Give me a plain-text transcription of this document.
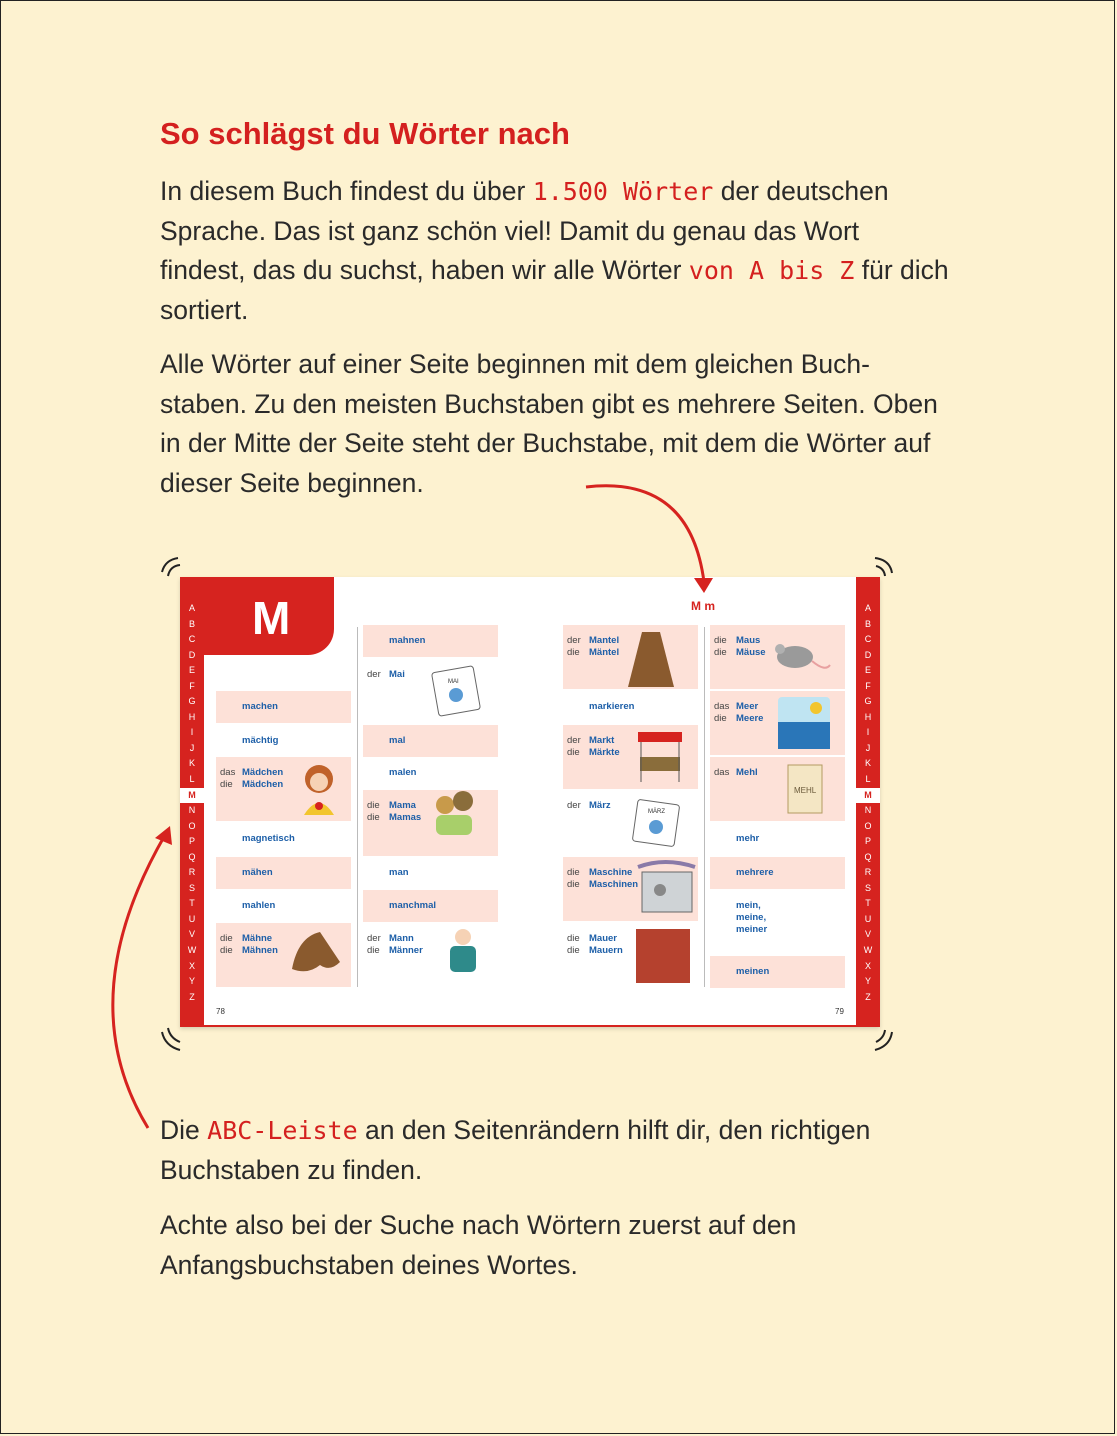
So schlägst du Wörter nach

In diesem Buch findest du über 1.500 Wörter der deutschen Sprache. Das ist ganz schön viel! Damit du genau das Wort findest, das du suchst, haben wir alle Wörter von A bis Z für dich sortiert.

Alle Wörter auf einer Seite beginnen mit dem gleichen Buch-staben. Zu den meisten Buchstaben gibt es mehrere Seiten. Oben in der Mitte der Seite steht der Buchstabe, mit dem die Wörter auf dieser Seite beginnen.

M
A
B
C
D
E
F
G
H
I
J
K
L
M
N
O
P
Q
R
S
T
U
V
W
X
Y
Z
A
B
C
D
E
F
G
H
I
J
K
L
M
N
O
P
Q
R
S
T
U
V
W
X
Y
Z
M m
78	79
machen
mächtig
das
die
Mädchen
Mädchen
magnetisch
mähen
mahlen
die
die
Mähne
Mähnen
mahnen
der Mai
mal
malen
die
die
Mama
Mamas
man
manchmal
der
die
Mann
Männer
der
die
Mantel
Mäntel
markieren
der
die
Markt
Märkte
der März
die
die
Maschine
Maschinen
die
die
Mauer
Mauern
die
die
Maus
Mäuse
das
die
Meer
Meere
das Mehl
mehr
mehrere
mein,
meine,
meiner
meinen
MAI
MÄRZ
MEHL

Die ABC-Leiste an den Seitenrändern hilft dir, den richtigen Buchstaben zu finden.

Achte also bei der Suche nach Wörtern zuerst auf den Anfangsbuchstaben deines Wortes.
